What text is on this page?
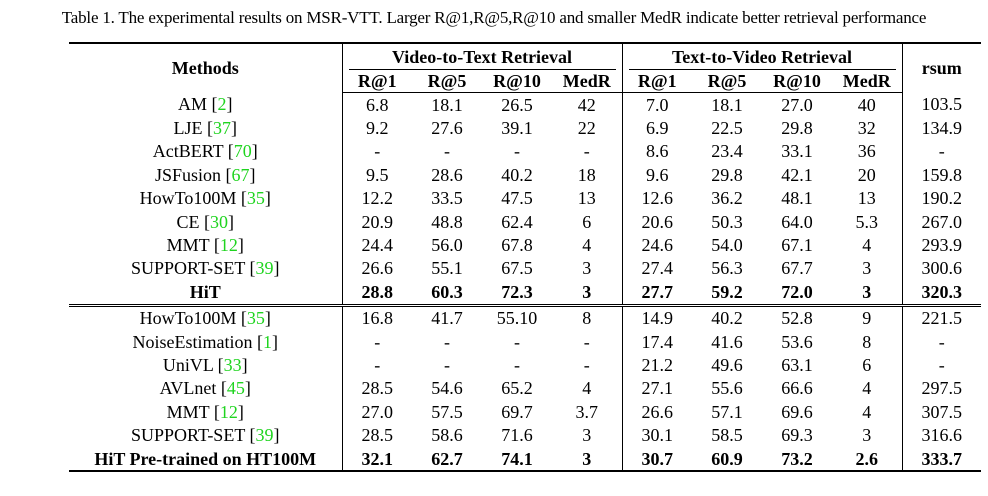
Table 1. The experimental results on MSR-VTT. Larger R@1,R@5,R@10 and smaller MedR indicate better retrieval performance
Methods	Video-to-Text Retrieval				Text-to-Video Retrieval				rsum
	R@1	R@5	R@10	MedR	R@1	R@5	R@10	MedR	
AM [2]	6.8	18.1	26.5	42	7.0	18.1	27.0	40	103.5
LJE [37]	9.2	27.6	39.1	22	6.9	22.5	29.8	32	134.9
ActBERT [70]	-	-	-	-	8.6	23.4	33.1	36	-
JSFusion [67]	9.5	28.6	40.2	18	9.6	29.8	42.1	20	159.8
HowTo100M [35]	12.2	33.5	47.5	13	12.6	36.2	48.1	13	190.2
CE [30]	20.9	48.8	62.4	6	20.6	50.3	64.0	5.3	267.0
MMT [12]	24.4	56.0	67.8	4	24.6	54.0	67.1	4	293.9
SUPPORT-SET [39]	26.6	55.1	67.5	3	27.4	56.3	67.7	3	300.6
HiT	28.8	60.3	72.3	3	27.7	59.2	72.0	3	320.3
HowTo100M [35]	16.8	41.7	55.10	8	14.9	40.2	52.8	9	221.5
NoiseEstimation [1]	-	-	-	-	17.4	41.6	53.6	8	-
UniVL [33]	-	-	-	-	21.2	49.6	63.1	6	-
AVLnet [45]	28.5	54.6	65.2	4	27.1	55.6	66.6	4	297.5
MMT [12]	27.0	57.5	69.7	3.7	26.6	57.1	69.6	4	307.5
SUPPORT-SET [39]	28.5	58.6	71.6	3	30.1	58.5	69.3	3	316.6
HiT Pre-trained on HT100M	32.1	62.7	74.1	3	30.7	60.9	73.2	2.6	333.7
